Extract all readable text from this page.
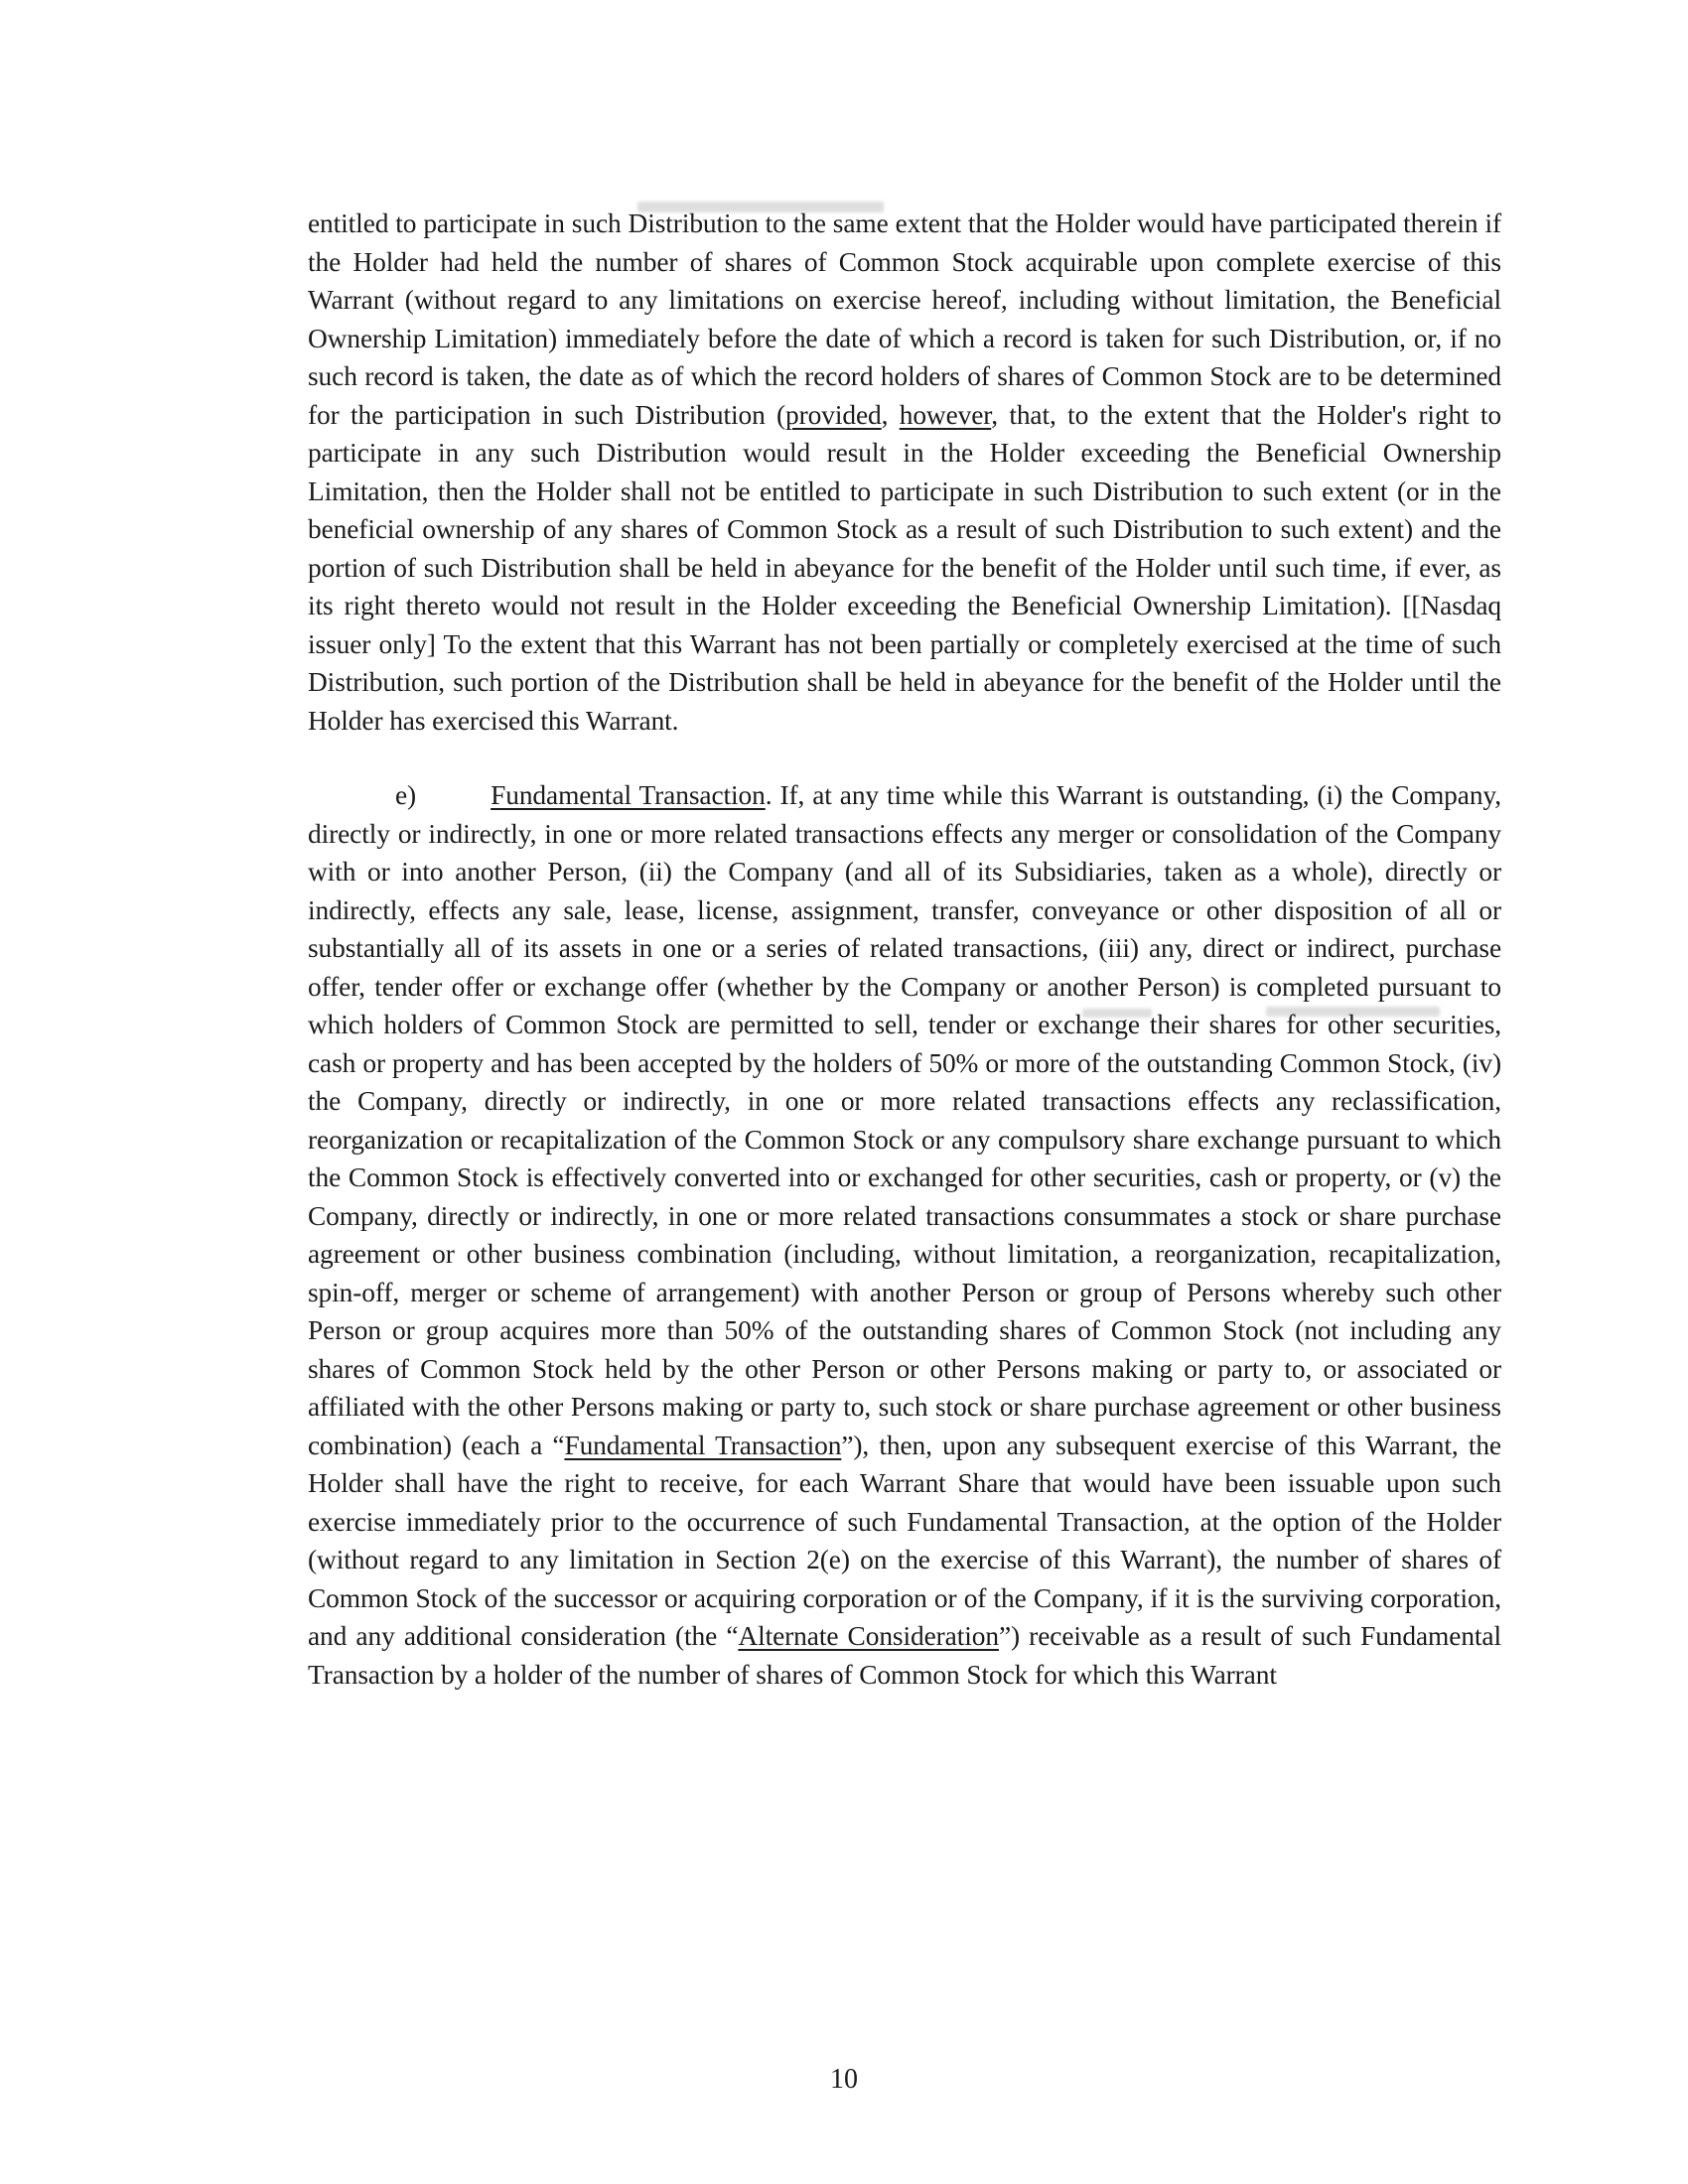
entitled to participate in such Distribution to the same extent that the Holder would have participated therein if the Holder had held the number of shares of Common Stock acquirable upon complete exercise of this Warrant (without regard to any limitations on exercise hereof, including without limitation, the Beneficial Ownership Limitation) immediately before the date of which a record is taken for such Distribution, or, if no such record is taken, the date as of which the record holders of shares of Common Stock are to be determined for the participation in such Distribution (provided, however, that, to the extent that the Holder's right to participate in any such Distribution would result in the Holder exceeding the Beneficial Ownership Limitation, then the Holder shall not be entitled to participate in such Distribution to such extent (or in the beneficial ownership of any shares of Common Stock as a result of such Distribution to such extent) and the portion of such Distribution shall be held in abeyance for the benefit of the Holder until such time, if ever, as its right thereto would not result in the Holder exceeding the Beneficial Ownership Limitation). [[Nasdaq issuer only] To the extent that this Warrant has not been partially or completely exercised at the time of such Distribution, such portion of the Distribution shall be held in abeyance for the benefit of the Holder until the Holder has exercised this Warrant.

e)	Fundamental Transaction. If, at any time while this Warrant is outstanding, (i) the Company, directly or indirectly, in one or more related transactions effects any merger or consolidation of the Company with or into another Person, (ii) the Company (and all of its Subsidiaries, taken as a whole), directly or indirectly, effects any sale, lease, license, assignment, transfer, conveyance or other disposition of all or substantially all of its assets in one or a series of related transactions, (iii) any, direct or indirect, purchase offer, tender offer or exchange offer (whether by the Company or another Person) is completed pursuant to which holders of Common Stock are permitted to sell, tender or exchange their shares for other securities, cash or property and has been accepted by the holders of 50% or more of the outstanding Common Stock, (iv) the Company, directly or indirectly, in one or more related transactions effects any reclassification, reorganization or recapitalization of the Common Stock or any compulsory share exchange pursuant to which the Common Stock is effectively converted into or exchanged for other securities, cash or property, or (v) the Company, directly or indirectly, in one or more related transactions consummates a stock or share purchase agreement or other business combination (including, without limitation, a reorganization, recapitalization, spin-off, merger or scheme of arrangement) with another Person or group of Persons whereby such other Person or group acquires more than 50% of the outstanding shares of Common Stock (not including any shares of Common Stock held by the other Person or other Persons making or party to, or associated or affiliated with the other Persons making or party to, such stock or share purchase agreement or other business combination) (each a “Fundamental Transaction”), then, upon any subsequent exercise of this Warrant, the Holder shall have the right to receive, for each Warrant Share that would have been issuable upon such exercise immediately prior to the occurrence of such Fundamental Transaction, at the option of the Holder (without regard to any limitation in Section 2(e) on the exercise of this Warrant), the number of shares of Common Stock of the successor or acquiring corporation or of the Company, if it is the surviving corporation, and any additional consideration (the “Alternate Consideration”) receivable as a result of such Fundamental Transaction by a holder of the number of shares of Common Stock for which this Warrant

10
